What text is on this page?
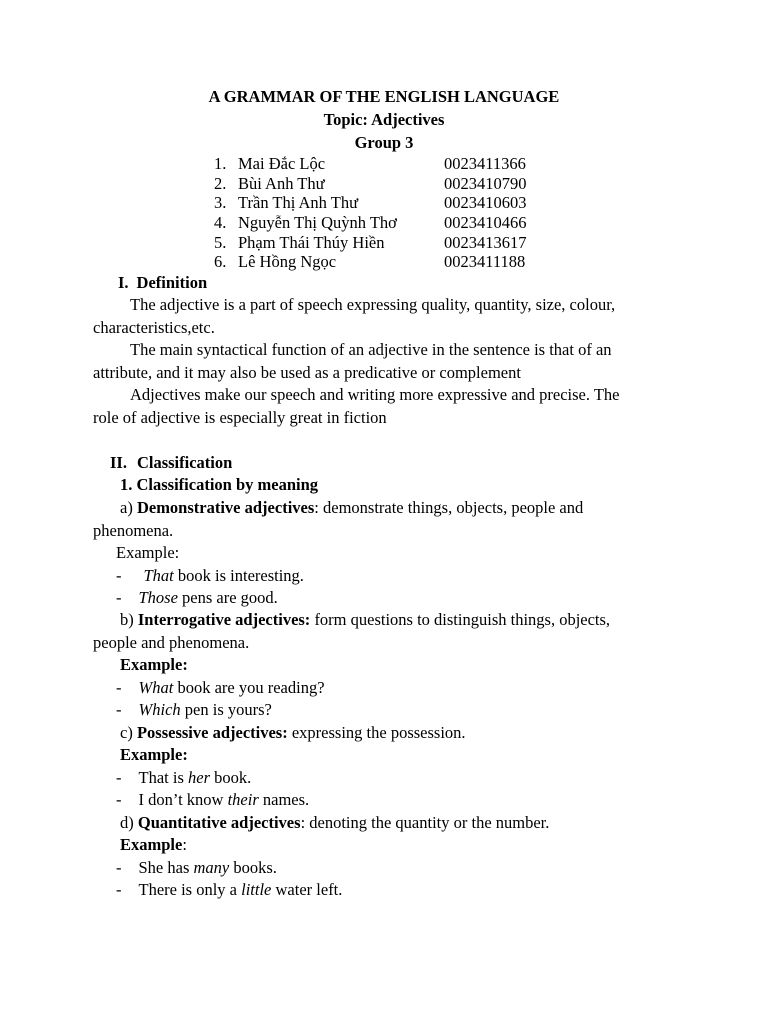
A GRAMMAR OF THE ENGLISH LANGUAGE
Topic: Adjectives
Group 3
1. Mai Đắc Lộc	0023411366
2. Bùi Anh Thư	0023410790
3. Trần Thị Anh Thư	0023410603
4. Nguyễn Thị Quỳnh Thơ	0023410466
5. Phạm Thái Thúy Hiền	0023413617
6. Lê Hồng Ngọc	0023411188
I. Definition
The adjective is a part of speech expressing quality, quantity, size, colour,
characteristics,etc.
The main syntactical function of an adjective in the sentence is that of an
attribute, and it may also be used as a predicative or complement
Adjectives make our speech and writing more expressive and precise. The
role of adjective is especially great in fiction
II. Classification
1. Classification by meaning
a) Demonstrative adjectives: demonstrate things, objects, people and
phenomena.
Example:
- That book is interesting.
- Those pens are good.
b) Interrogative adjectives: form questions to distinguish things, objects,
people and phenomena.
Example:
- What book are you reading?
- Which pen is yours?
c) Possessive adjectives: expressing the possession.
Example:
- That is her book.
- I don’t know their names.
d) Quantitative adjectives: denoting the quantity or the number.
Example:
- She has many books.
- There is only a little water left.
